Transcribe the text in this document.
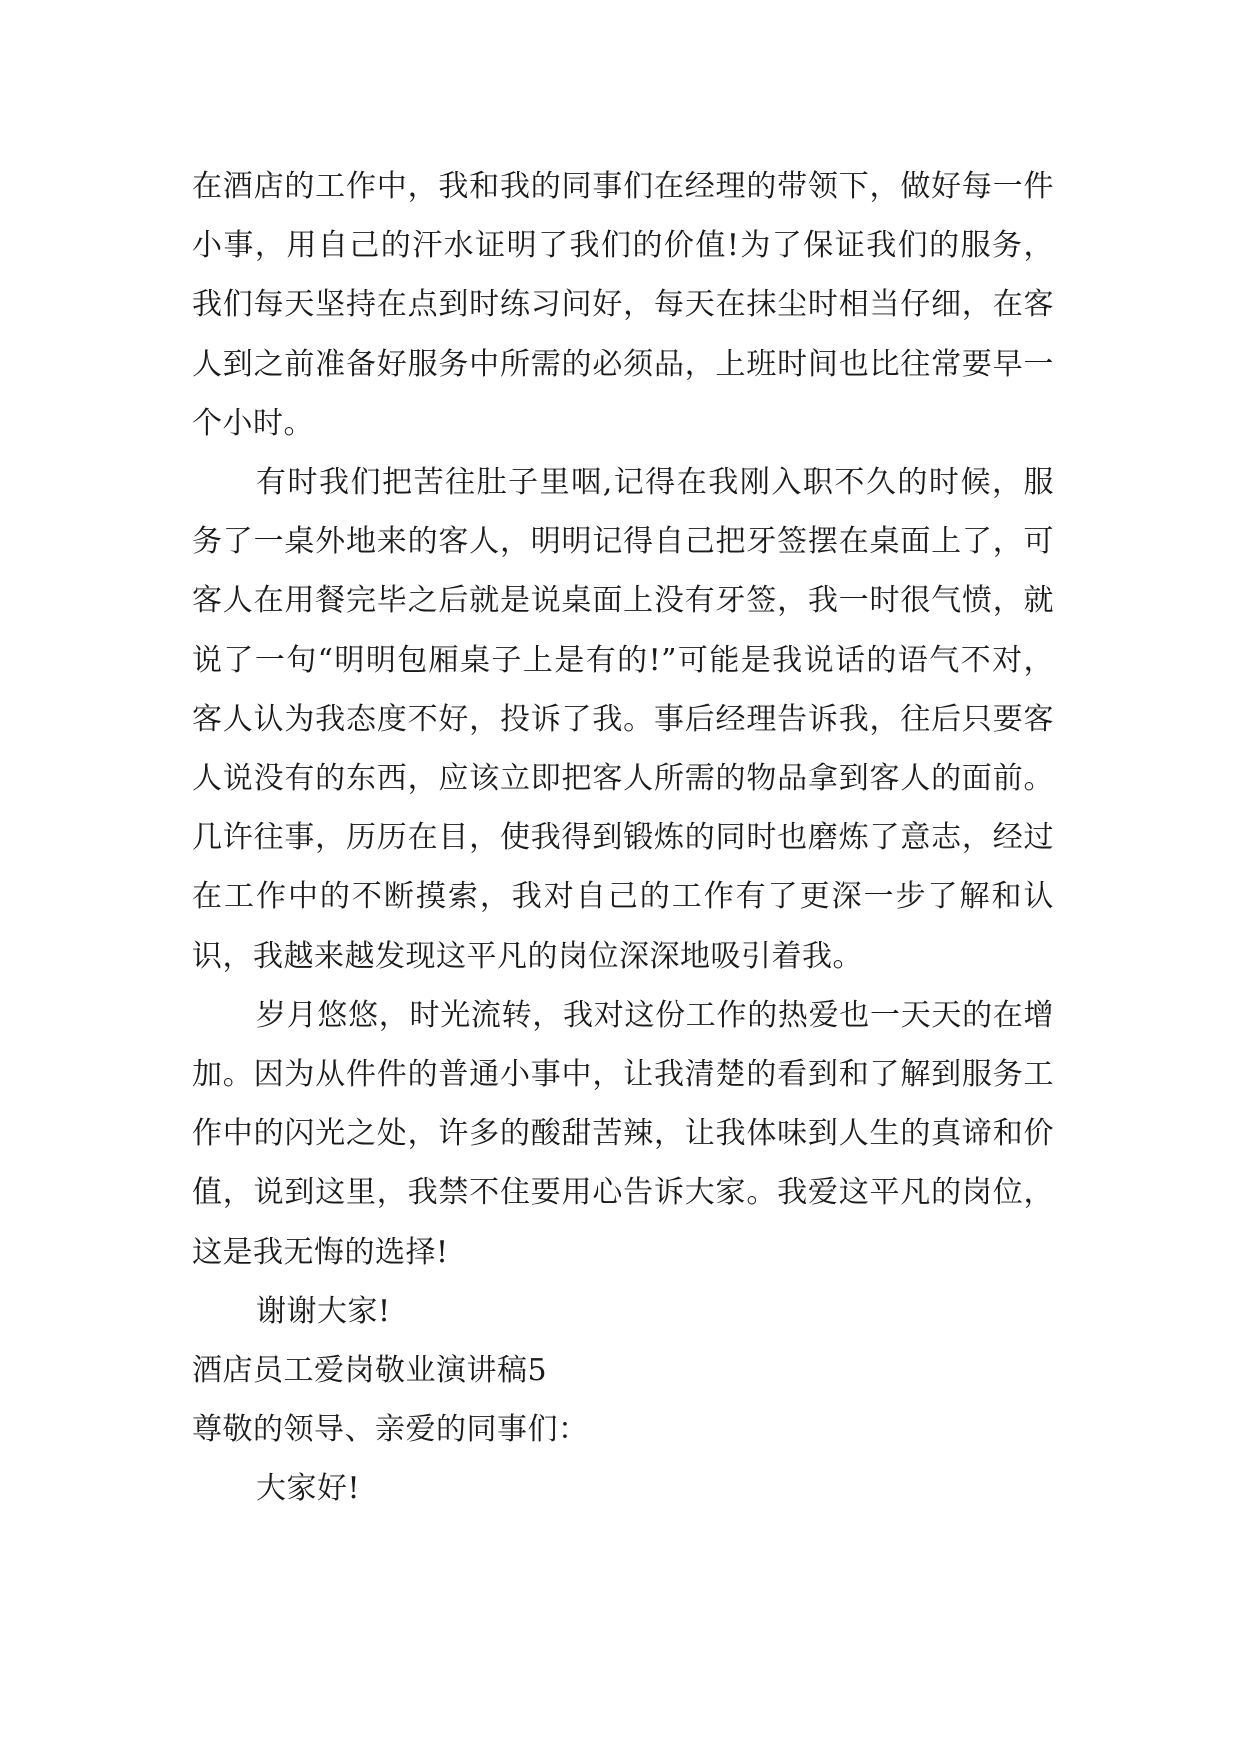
在酒店的工作中，我和我的同事们在经理的带领下，做好每一件小事，用自己的汗水证明了我们的价值!为了保证我们的服务，我们每天坚持在点到时练习问好，每天在抹尘时相当仔细，在客人到之前准备好服务中所需的必须品，上班时间也比往常要早一个小时。

有时我们把苦往肚子里咽,记得在我刚入职不久的时候，服务了一桌外地来的客人，明明记得自己把牙签摆在桌面上了，可客人在用餐完毕之后就是说桌面上没有牙签，我一时很气愤，就说了一句“明明包厢桌子上是有的!”可能是我说话的语气不对，客人认为我态度不好，投诉了我。事后经理告诉我，往后只要客人说没有的东西，应该立即把客人所需的物品拿到客人的面前。几许往事，历历在目，使我得到锻炼的同时也磨炼了意志，经过在工作中的不断摸索，我对自己的工作有了更深一步了解和认识，我越来越发现这平凡的岗位深深地吸引着我。

岁月悠悠，时光流转，我对这份工作的热爱也一天天的在增加。因为从件件的普通小事中，让我清楚的看到和了解到服务工作中的闪光之处，许多的酸甜苦辣，让我体味到人生的真谛和价值，说到这里，我禁不住要用心告诉大家。我爱这平凡的岗位，这是我无悔的选择!

谢谢大家!

酒店员工爱岗敬业演讲稿5

尊敬的领导、亲爱的同事们：

大家好!
